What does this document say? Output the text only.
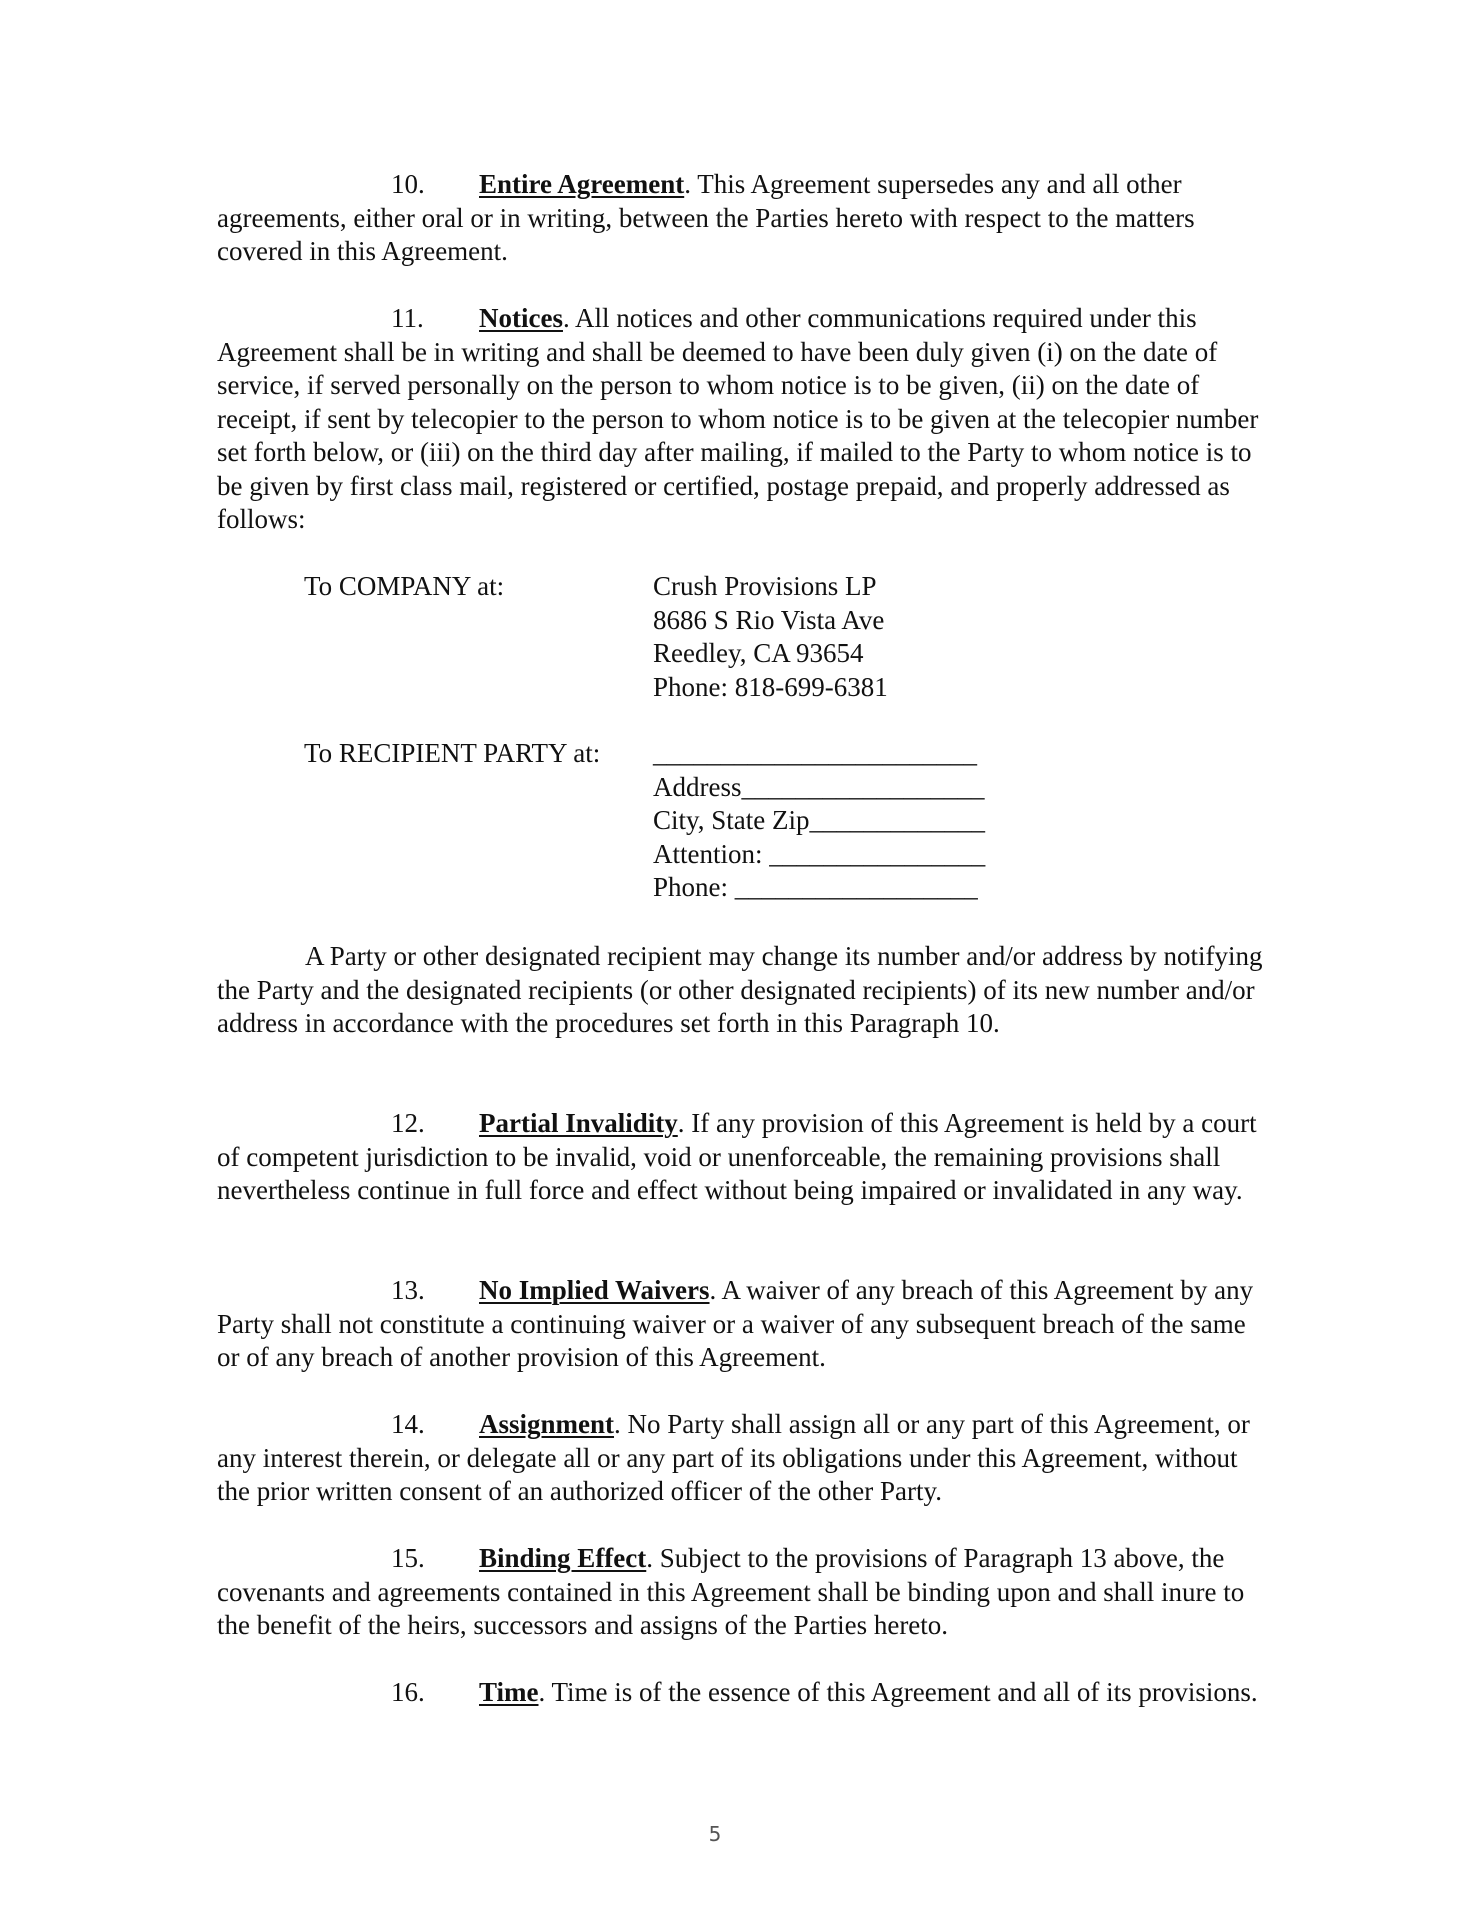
10. Entire Agreement. This Agreement supersedes any and all other agreements, either oral or in writing, between the Parties hereto with respect to the matters covered in this Agreement.

11. Notices. All notices and other communications required under this Agreement shall be in writing and shall be deemed to have been duly given (i) on the date of service, if served personally on the person to whom notice is to be given, (ii) on the date of receipt, if sent by telecopier to the person to whom notice is to be given at the telecopier number set forth below, or (iii) on the third day after mailing, if mailed to the Party to whom notice is to be given by first class mail, registered or certified, postage prepaid, and properly addressed as follows:

To COMPANY at:	Crush Provisions LP
8686 S Rio Vista Ave
Reedley, CA 93654
Phone: 818-699-6381
To RECIPIENT PARTY at: ________________________
Address__________________
City, State Zip_____________
Attention: ________________
Phone: __________________

A Party or other designated recipient may change its number and/or address by notifying the Party and the designated recipients (or other designated recipients) of its new number and/or address in accordance with the procedures set forth in this Paragraph 10.

12. Partial Invalidity. If any provision of this Agreement is held by a court of competent jurisdiction to be invalid, void or unenforceable, the remaining provisions shall nevertheless continue in full force and effect without being impaired or invalidated in any way.

13. No Implied Waivers. A waiver of any breach of this Agreement by any Party shall not constitute a continuing waiver or a waiver of any subsequent breach of the same or of any breach of another provision of this Agreement.

14. Assignment. No Party shall assign all or any part of this Agreement, or any interest therein, or delegate all or any part of its obligations under this Agreement, without the prior written consent of an authorized officer of the other Party.

15. Binding Effect. Subject to the provisions of Paragraph 13 above, the covenants and agreements contained in this Agreement shall be binding upon and shall inure to the benefit of the heirs, successors and assigns of the Parties hereto.

16. Time. Time is of the essence of this Agreement and all of its provisions.

5
